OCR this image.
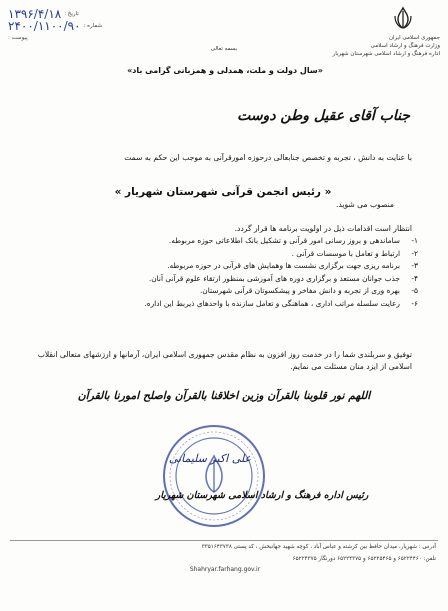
جمهوری اسلامی ایران
وزارت فرهنگ و ارشاد اسلامی
اداره فرهنگ و ارشاد اسلامی شهرستان شهریار
تاریخ :
۱۳۹۶/۴/۱۸
شماره :
۲۴۰۰/۱۱۰۰/۹۰
پیوست :
بسمه تعالی
«سال دولت و ملت، همدلی و همزبانی گرامی باد»
جناب آقای عقیل وطن دوست
با عنایت به دانش ، تجربه و تخصص جنابعالی درحوزه امورقرآنی به موجب این حکم به سمت
« رئیس انجمن قرآنی شهرستان شهریار »
منصوب می شوید.
انتظار است اقدامات ذیل در اولویت برنامه ها قرار گردد.
۱-
ساماندهی و بروز رسانی امور قرآنی و تشکیل بانک اطلاعاتی حوزه مربوطه.
۲-
ارتباط و تعامل با موسسات قرآنی .
۳-
برنامه ریزی جهت برگزاری نشست ها وهمایش های قرآنی در حوزه مربوطه.
۴-
جذب جوانان مستعد و برگزاری دوره های آموزشی بمنظور ارتقاء علوم قرآنی آنان.
۵-
بهره وری از تجربه و دانش مفاخر و پیشکسوتان قرآنی شهرستان.
۶-
رعایت سلسله مراتب اداری ، هماهنگی و تعامل سازنده با واحدهای ذیربط این اداره.
توفیق و سربلندی شما را در خدمت روز افزون به نظام مقدس جمهوری اسلامی ایران، آرمانها و ارزشهای متعالی انقلاب اسلامی از ایزد منان مسئلت می نمایم.
اللهم نور قلوبنا بالقرآن وزین اخلاقنا بالقرآن واصلح امورنا بالقرآن
علی اکبر سلیمانی
رئیس اداره فرهنگ و ارشاد اسلامی شهرستان شهریار
آدرس : شهریار، میدان حافظ بین کرشته و عباس آباد ، کوچه شهید جهانبخش ، کد پستی ۳۳۵۱۶۴۳۷۳۸
تلفن: ۶۵۲۲۴۴۶۰ و ۶۵۲۲۵۴۶۵ و ۶۵۲۲۴۳۷۵ دورنگار ۶۵۲۲۴۳۷۵
Shahryar.farhang.gov.ir
